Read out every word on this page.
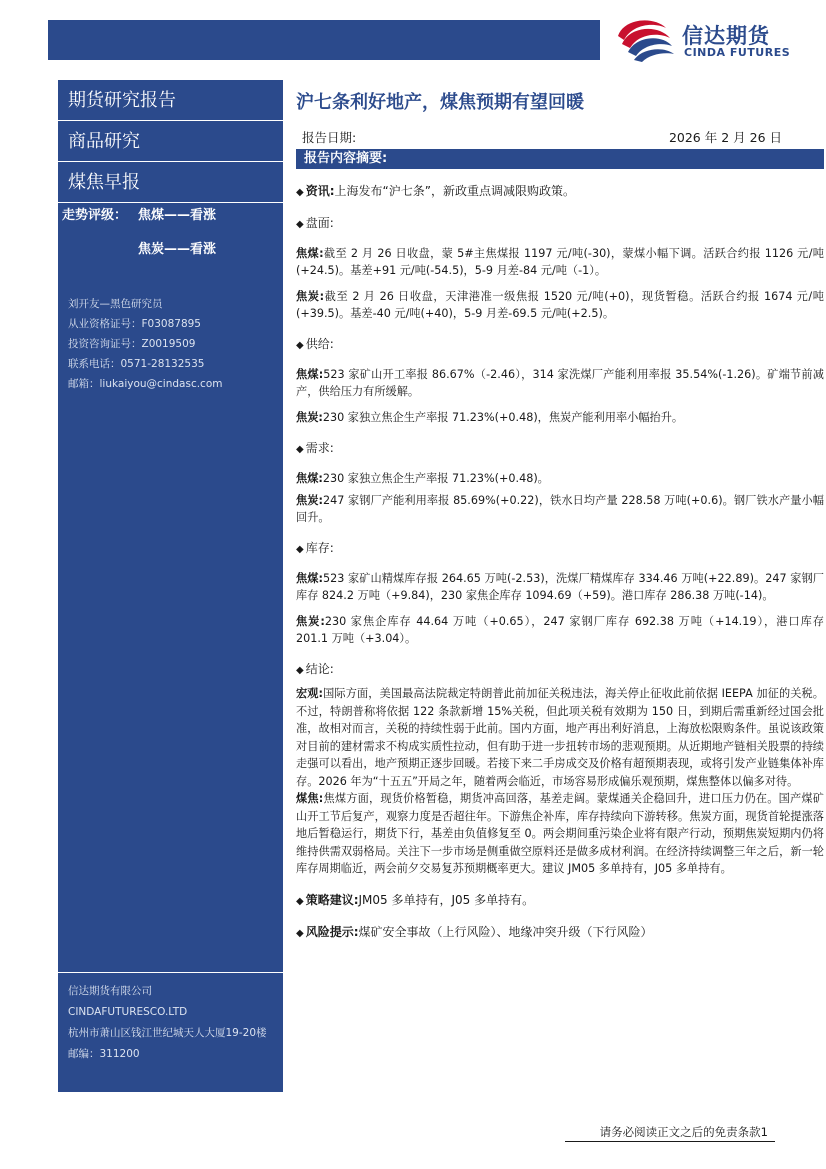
信达期货
CINDA FUTURES
期货研究报告
商品研究
煤焦早报
走势评级： 焦煤——看涨
焦炭——看涨
刘开友—黑色研究员
从业资格证号：F03087895
投资咨询证号：Z0019509
联系电话：0571-28132535
邮箱：liukaiyou@cindasc.com
信达期货有限公司
CINDAFUTURESCO.LTD
杭州市萧山区钱江世纪城天人大厦19-20楼
邮编：311200
沪七条利好地产，煤焦预期有望回暖
报告日期:	2026 年 2 月 26 日
报告内容摘要:
◆ 资讯:上海发布“沪七条”，新政重点调减限购政策。
◆ 盘面:
焦煤:截至 2 月 26 日收盘，蒙 5#主焦煤报 1197 元/吨(-30)，蒙煤小幅下调。活跃合约报 1126 元/吨(+24.5)。基差+91 元/吨(-54.5)，5-9 月差-84 元/吨（-1）。
焦炭:截至 2 月 26 日收盘，天津港准一级焦报 1520 元/吨(+0)，现货暂稳。活跃合约报 1674 元/吨(+39.5)。基差-40 元/吨(+40)，5-9 月差-69.5 元/吨(+2.5)。
◆ 供给:
焦煤:523 家矿山开工率报 86.67%（-2.46），314 家洗煤厂产能利用率报 35.54%(-1.26)。矿端节前减产，供给压力有所缓解。
焦炭:230 家独立焦企生产率报 71.23%(+0.48)，焦炭产能利用率小幅抬升。
◆ 需求:
焦煤:230 家独立焦企生产率报 71.23%(+0.48)。
焦炭:247 家钢厂产能利用率报 85.69%(+0.22)，铁水日均产量 228.58 万吨(+0.6)。钢厂铁水产量小幅回升。
◆ 库存:
焦煤:523 家矿山精煤库存报 264.65 万吨(-2.53)，洗煤厂精煤库存 334.46 万吨(+22.89)。247 家钢厂库存 824.2 万吨（+9.84)，230 家焦企库存 1094.69（+59)。港口库存 286.38 万吨(-14)。
焦炭:230 家焦企库存 44.64 万吨（+0.65），247 家钢厂库存 692.38 万吨（+14.19），港口库存 201.1 万吨（+3.04）。
◆ 结论:
宏观:国际方面，美国最高法院裁定特朗普此前加征关税违法，海关停止征收此前依据 IEEPA 加征的关税。不过，特朗普称将依据 122 条款新增 15%关税，但此项关税有效期为 150 日，到期后需重新经过国会批准，故相对而言，关税的持续性弱于此前。国内方面，地产再出利好消息，上海放松限购条件。虽说该政策对目前的建材需求不构成实质性拉动，但有助于进一步扭转市场的悲观预期。从近期地产链相关股票的持续走强可以看出，地产预期正逐步回暖。若接下来二手房成交及价格有超预期表现，或将引发产业链集体补库存。2026 年为“十五五”开局之年，随着两会临近，市场容易形成偏乐观预期，煤焦整体以偏多对待。
煤焦:焦煤方面，现货价格暂稳，期货冲高回落，基差走阔。蒙煤通关企稳回升，进口压力仍在。国产煤矿山开工节后复产，观察力度是否超往年。下游焦企补库，库存持续向下游转移。焦炭方面，现货首轮提涨落地后暂稳运行，期货下行，基差由负值修复至 0。两会期间重污染企业将有限产行动，预期焦炭短期内仍将维持供需双弱格局。关注下一步市场是侧重做空原料还是做多成材利润。在经济持续调整三年之后，新一轮库存周期临近，两会前夕交易复苏预期概率更大。建议 JM05 多单持有，J05 多单持有。
◆ 策略建议:JM05 多单持有，J05 多单持有。
◆ 风险提示:煤矿安全事故（上行风险）、地缘冲突升级（下行风险）
请务必阅读正文之后的免责条款1
